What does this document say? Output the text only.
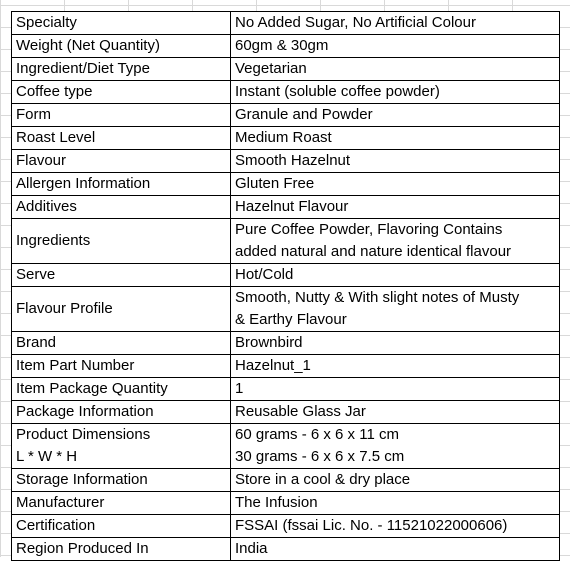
Specialty	No Added Sugar, No Artificial Colour

Weight (Net Quantity)	60gm & 30gm

Ingredient/Diet Type	Vegetarian

Coffee type	Instant (soluble coffee powder)

Form	Granule and Powder

Roast Level	Medium Roast

Flavour	Smooth Hazelnut

Allergen Information	Gluten Free

Additives	Hazelnut Flavour

Ingredients	Pure Coffee Powder, Flavoring Contains
added natural and nature identical flavour

Serve	Hot/Cold

Flavour Profile	Smooth, Nutty & With slight notes of Musty
& Earthy Flavour

Brand	Brownbird

Item Part Number	Hazelnut_1

Item Package Quantity	1

Package Information	Reusable Glass Jar

Product Dimensions
L * W * H	60 grams - 6 x 6 x 11 cm
30 grams - 6 x 6 x 7.5 cm

Storage Information	Store in a cool & dry place

Manufacturer	The Infusion

Certification	FSSAI (fssai Lic. No. - 11521022000606)

Region Produced In	India
